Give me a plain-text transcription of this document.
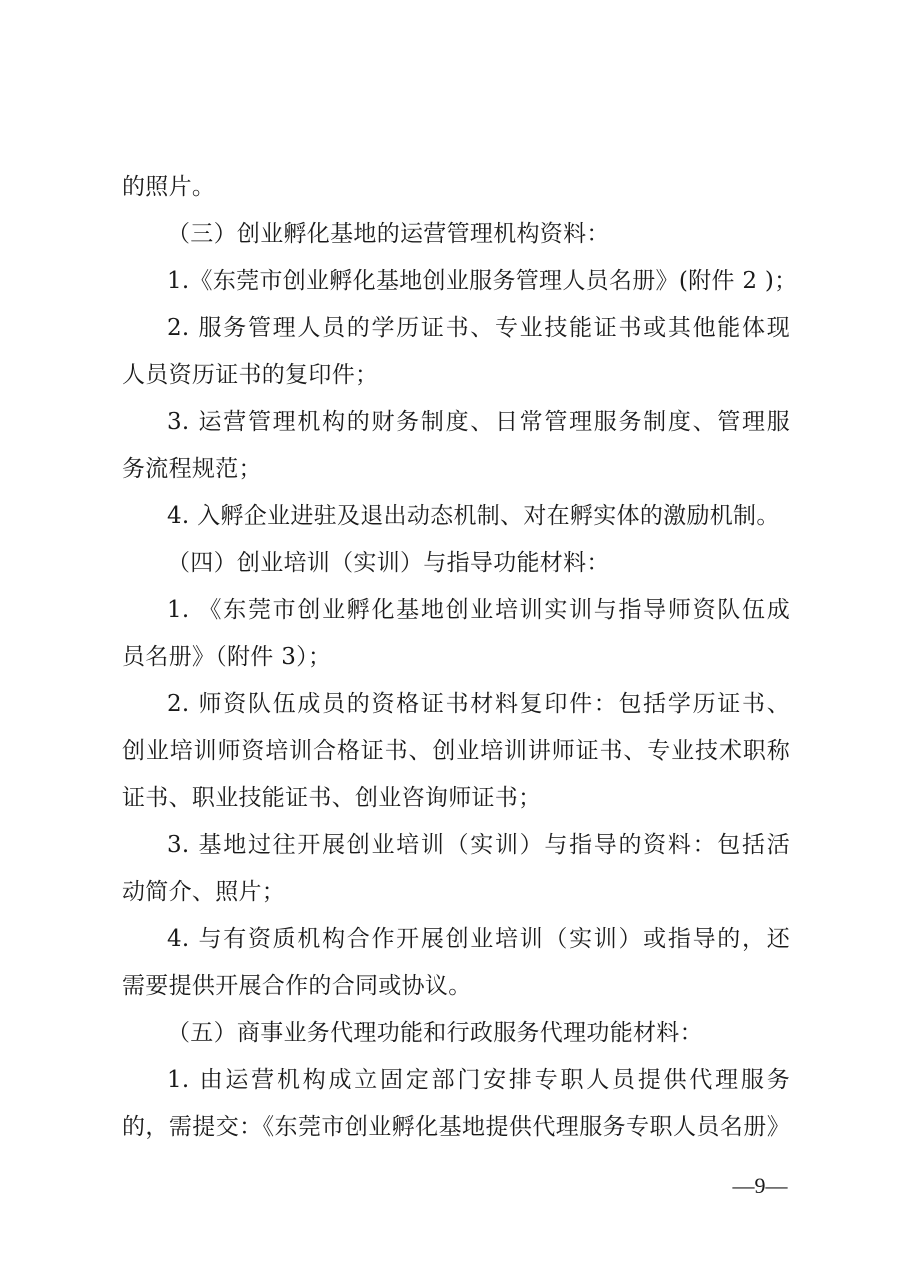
的照片。
（三）创业孵化基地的运营管理机构资料：
1.《东莞市创业孵化基地创业服务管理人员名册》(附件 2 )；
2. 服务管理人员的学历证书、专业技能证书或其他能体现
人员资历证书的复印件；
3. 运营管理机构的财务制度、日常管理服务制度、管理服
务流程规范；
4. 入孵企业进驻及退出动态机制、对在孵实体的激励机制。
（四）创业培训（实训）与指导功能材料：
1. 《东莞市创业孵化基地创业培训实训与指导师资队伍成
员名册》（附件 3）；
2. 师资队伍成员的资格证书材料复印件：包括学历证书、
创业培训师资培训合格证书、创业培训讲师证书、专业技术职称
证书、职业技能证书、创业咨询师证书；
3. 基地过往开展创业培训（实训）与指导的资料：包括活
动简介、照片；
4. 与有资质机构合作开展创业培训（实训）或指导的，还
需要提供开展合作的合同或协议。
（五）商事业务代理功能和行政服务代理功能材料：
1. 由运营机构成立固定部门安排专职人员提供代理服务
的，需提交：《东莞市创业孵化基地提供代理服务专职人员名册》
—9—
